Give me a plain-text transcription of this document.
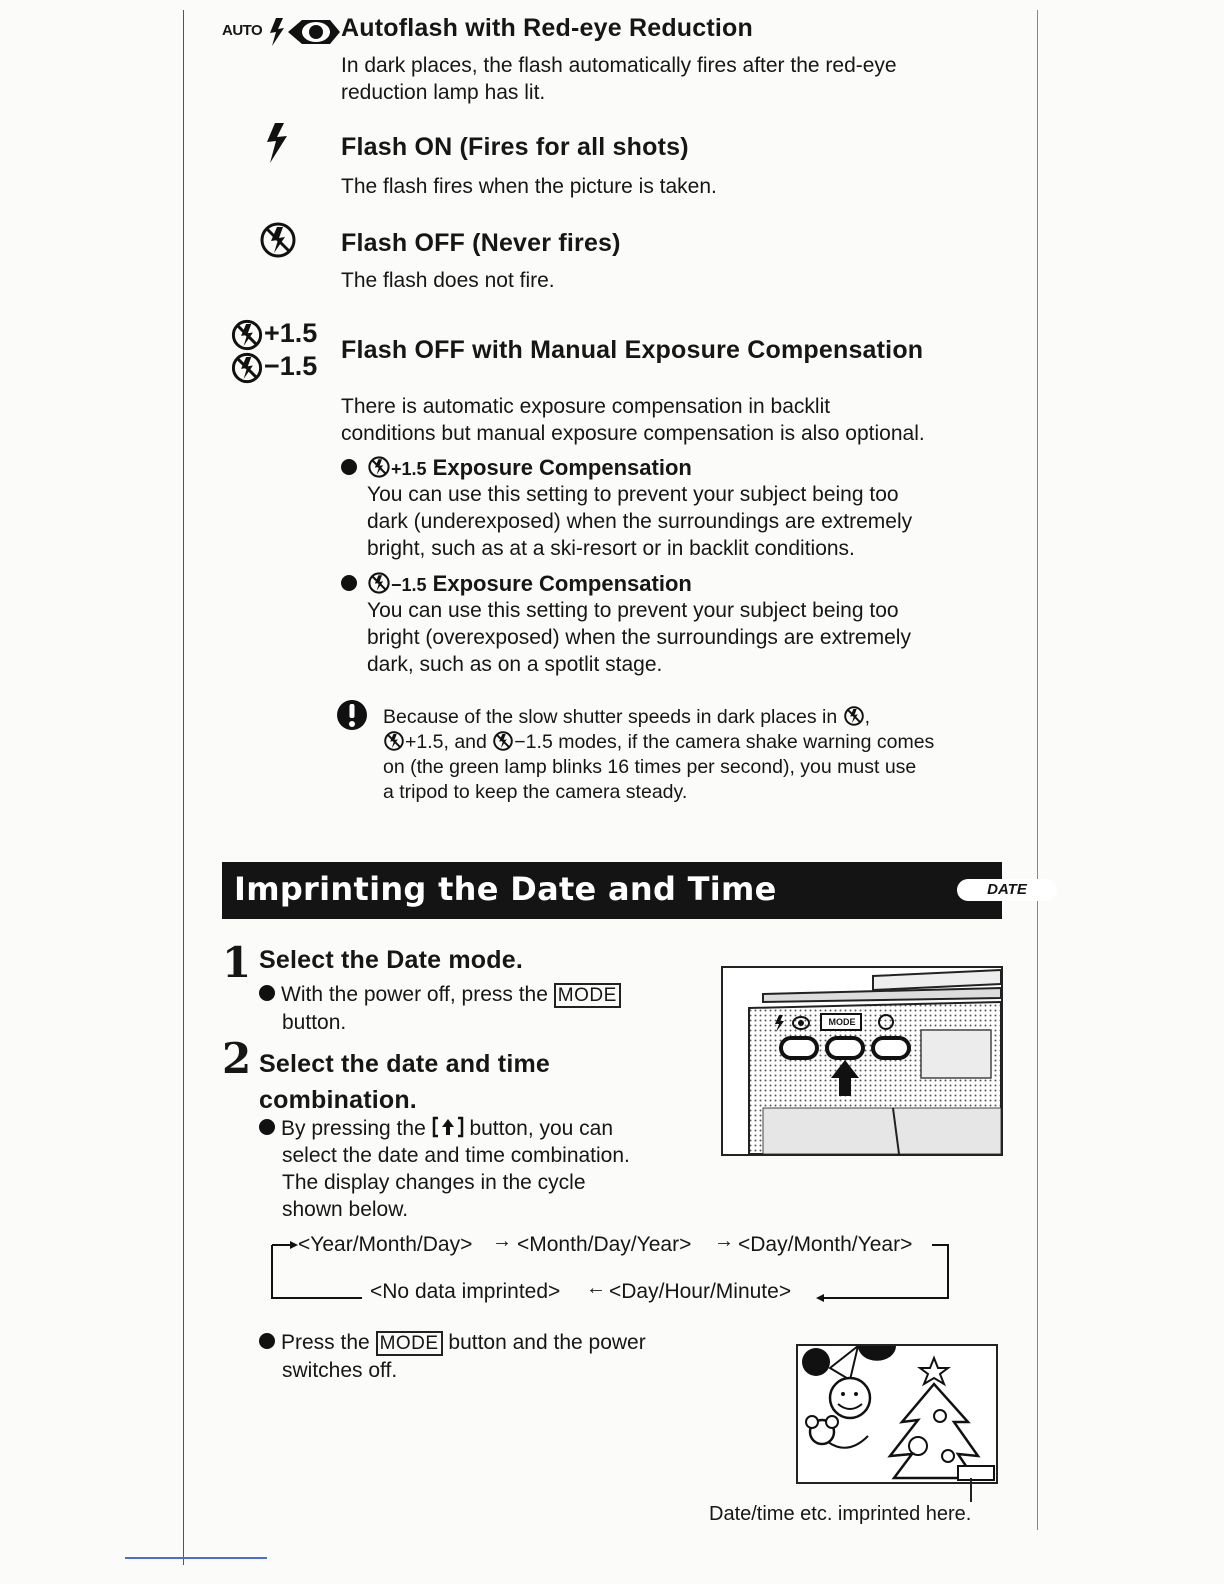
AUTO	Autoflash with Red-eye Reduction
In dark places, the flash automatically fires after the red-eye
reduction lamp has lit.
Flash ON (Fires for all shots)
The flash fires when the picture is taken.
Flash OFF (Never fires)
The flash does not fire.
+1.5
−1.5
Flash OFF with Manual Exposure Compensation
There is automatic exposure compensation in backlit
conditions but manual exposure compensation is also optional.
+1.5 Exposure Compensation
You can use this setting to prevent your subject being too
dark (underexposed) when the surroundings are extremely
bright, such as at a ski-resort or in backlit conditions.
−1.5 Exposure Compensation
You can use this setting to prevent your subject being too
bright (overexposed) when the surroundings are extremely
dark, such as on a spotlit stage.
Because of the slow shutter speeds in dark places in ,
+1.5, and −1.5 modes, if the camera shake warning comes
on (the green lamp blinks 16 times per second), you must use
a tripod to keep the camera steady.
Imprinting the Date and Time	DATE
1 Select the Date mode.
With the power off, press the MODE
button.
2 Select the date and time
combination.
By pressing the button, you can
select the date and time combination.
The display changes in the cycle
shown below.
MODE
<Year/Month/Day> → <Month/Day/Year> → <Day/Month/Year>
<No data imprinted> ← <Day/Hour/Minute>
Press the MODE button and the power
switches off.
Date/time etc. imprinted here.
